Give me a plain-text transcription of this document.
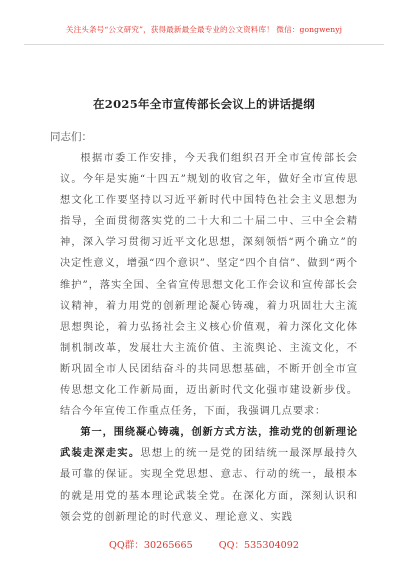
关注头条号“公文研究”，获得最新最全最专业的公文资料库！ 微信：gongwenyj
在2025年全市宣传部长会议上的讲话提纲
同志们：

根据市委工作安排，今天我们组织召开全市宣传部长会议。今年是实施“十四五”规划的收官之年，做好全市宣传思想文化工作要坚持以习近平新时代中国特色社会主义思想为指导，全面贯彻落实党的二十大和二十届二中、三中全会精神，深入学习贯彻习近平文化思想，深刻领悟“两个确立”的决定性意义，增强“四个意识”、坚定“四个自信”、做到“两个维护”，落实全国、全省宣传思想文化工作会议和宣传部长会议精神，着力用党的创新理论凝心铸魂，着力巩固壮大主流思想舆论，着力弘扬社会主义核心价值观，着力深化文化体制机制改革，发展壮大主流价值、主流舆论、主流文化，不断巩固全市人民团结奋斗的共同思想基础，不断开创全市宣传思想文化工作新局面，迈出新时代文化强市建设新步伐。结合今年宣传工作重点任务，下面，我强调几点要求：

第一，围绕凝心铸魂，创新方式方法，推动党的创新理论武装走深走实。思想上的统一是党的团结统一最深厚最持久最可靠的保证。实现全党思想、意志、行动的统一，最根本的就是用党的基本理论武装全党。在深化方面，深刻认识和领会党的创新理论的时代意义、理论意义、实践

QQ群：30265665	QQ：535304092
